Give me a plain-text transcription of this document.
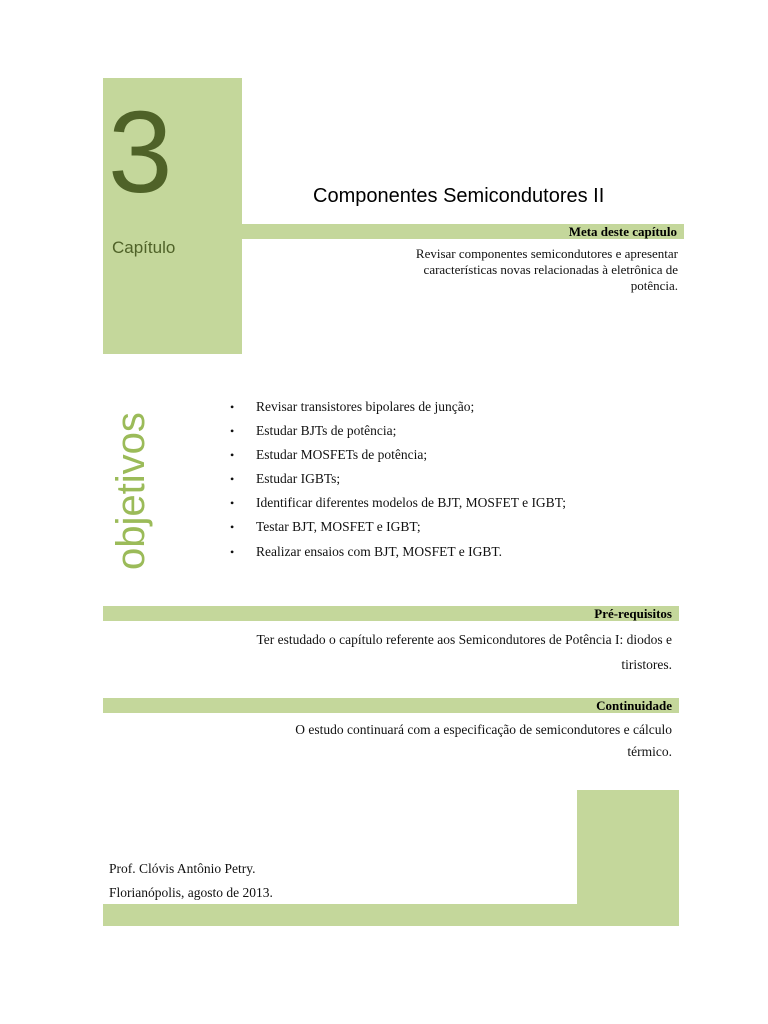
3
Capítulo
Componentes Semicondutores II
Meta deste capítulo
Revisar componentes semicondutores e apresentar
características novas relacionadas à eletrônica de
potência.
objetivos
• Revisar transistores bipolares de junção;
• Estudar BJTs de potência;
• Estudar MOSFETs de potência;
• Estudar IGBTs;
• Identificar diferentes modelos de BJT, MOSFET e IGBT;
• Testar BJT, MOSFET e IGBT;
• Realizar ensaios com BJT, MOSFET e IGBT.
Pré-requisitos
Ter estudado o capítulo referente aos Semicondutores de Potência I: diodos e
tiristores.
Continuidade
O estudo continuará com a especificação de semicondutores e cálculo
térmico.
Prof. Clóvis Antônio Petry.
Florianópolis, agosto de 2013.
